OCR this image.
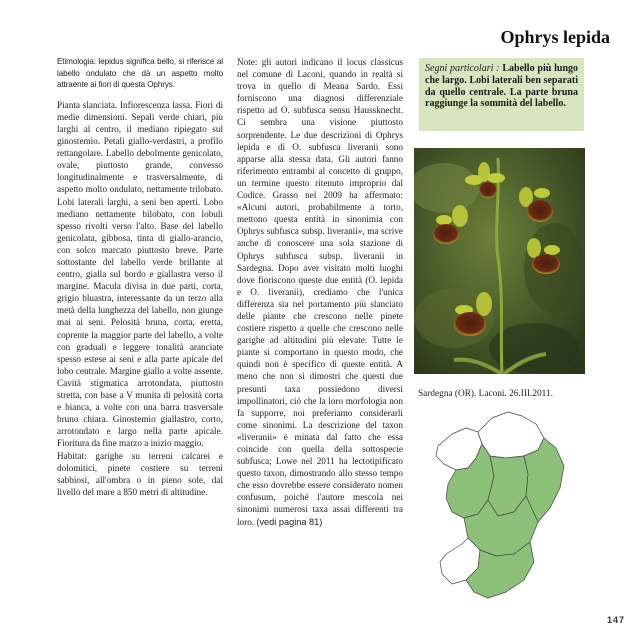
Ophrys lepida

Etimologia: lepidus significa bello, si riferisce al labello ondulato che dà un aspetto molto attraente ai fiori di questa Ophrys.

Pianta slanciata. Infiorescenza lassa. Fiori di medie dimensioni. Sepali verde chiari, più larghi al centro, il mediano ripiegato sul ginostemio. Petali giallo-verdastri, a profilo rettangolare. Labello debolmente genicolato, ovale, piuttosto grande, convesso longitudinalmente e trasversalmente, di aspetto molto ondulato, nettamente trilobato. Lobi laterali larghi, a seni ben aperti. Lobo mediano nettamente bilobato, con lobuli spesso rivolti verso l'alto. Base del labello genicolata, gibbosa, tinta di giallo-arancio, con solco marcato piuttosto breve. Parte sottostante del labello verde brillante al centro, gialla sul bordo e giallastra verso il margine. Macula divisa in due parti, corta, grigio bluastra, interessante da un terzo alla metà della lunghezza del labello, non giunge mai ai seni. Pelosità bruna, corta, eretta, coprente la maggior parte del labello, a volte con graduali e leggere tonalità aranciate spesso estese ai seni e alla parte apicale del lobo centrale. Margine giallo a volte assente. Cavità stigmatica arrotondata, piuttosto stretta, con base a V munita di pelosità corta e bianca, a volte con una barra trasversale bruno chiara. Ginostemio giallastro, corto, arrotondato e largo nella parte apicale. Fioritura da fine marzo a inizio maggio.

Habitat: garighe su terreni calcarei e dolomitici, pinete costiere su terreni sabbiosi, all'ombra o in pieno sole, dal livello del mare a 850 metri di altitudine.

Note: gli autori indicano il locus classicus nel comune di Laconi, quando in realtà si trova in quello di Meana Sardo. Essi forniscono una diagnosi differenziale rispetto ad O. subfusca sensu Haussknecht. Ci sembra una visione piuttosto sorprendente. Le due descrizioni di Ophrys lepida e di O. subfusca liveranii sono apparse alla stessa data. Gli autori fanno riferimento entrambi al concetto di gruppo, un termine questo ritenuto improprio dal Codice. Grasso nel 2009 ha affermato: «Alcuni autori, probabilmente a torto, mettono questa entità in sinonimia con Ophrys subfusca subsp. liveranii», ma scrive anche di conoscere una sola stazione di Ophrys subfusca subsp. liveranii in Sardegna. Dopo aver visitato molti luoghi dove fioriscono queste due entità (O. lepida e O. liveranii), crediamo che l'unica differenza sia nel portamento più slanciato delle piante che crescono nelle pinete costiere rispetto a quelle che crescono nelle garighe ad altitudini più elevate. Tutte le piante si comportano in questo modo, che quindi non è specifico di queste entità. A meno che non si dimostri che questi due presunti taxa possiedono diversi impollinatori, ciò che la loro morfologia non fa supporre, noi preferiamo considerarli come sinonimi. La descrizione del taxon «liveranii» è minata dal fatto che essa coincide con quella della sottospecie subfusca; Lowe nel 2011 ha lectotipificato questo taxon, dimostrando allo stesso tempo che esso dovrebbe essere considerato nomen confusum, poiché l'autore mescola nei sinonimi numerosi taxa assai differenti tra loro. (vedi pagina 81)

Segni particolari : Labello più lungo che largo. Lobi laterali ben separati da quello centrale. La parte bruna raggiunge la sommità del labello.

Sardegna (OR). Laconi. 26.III.2011.

147
